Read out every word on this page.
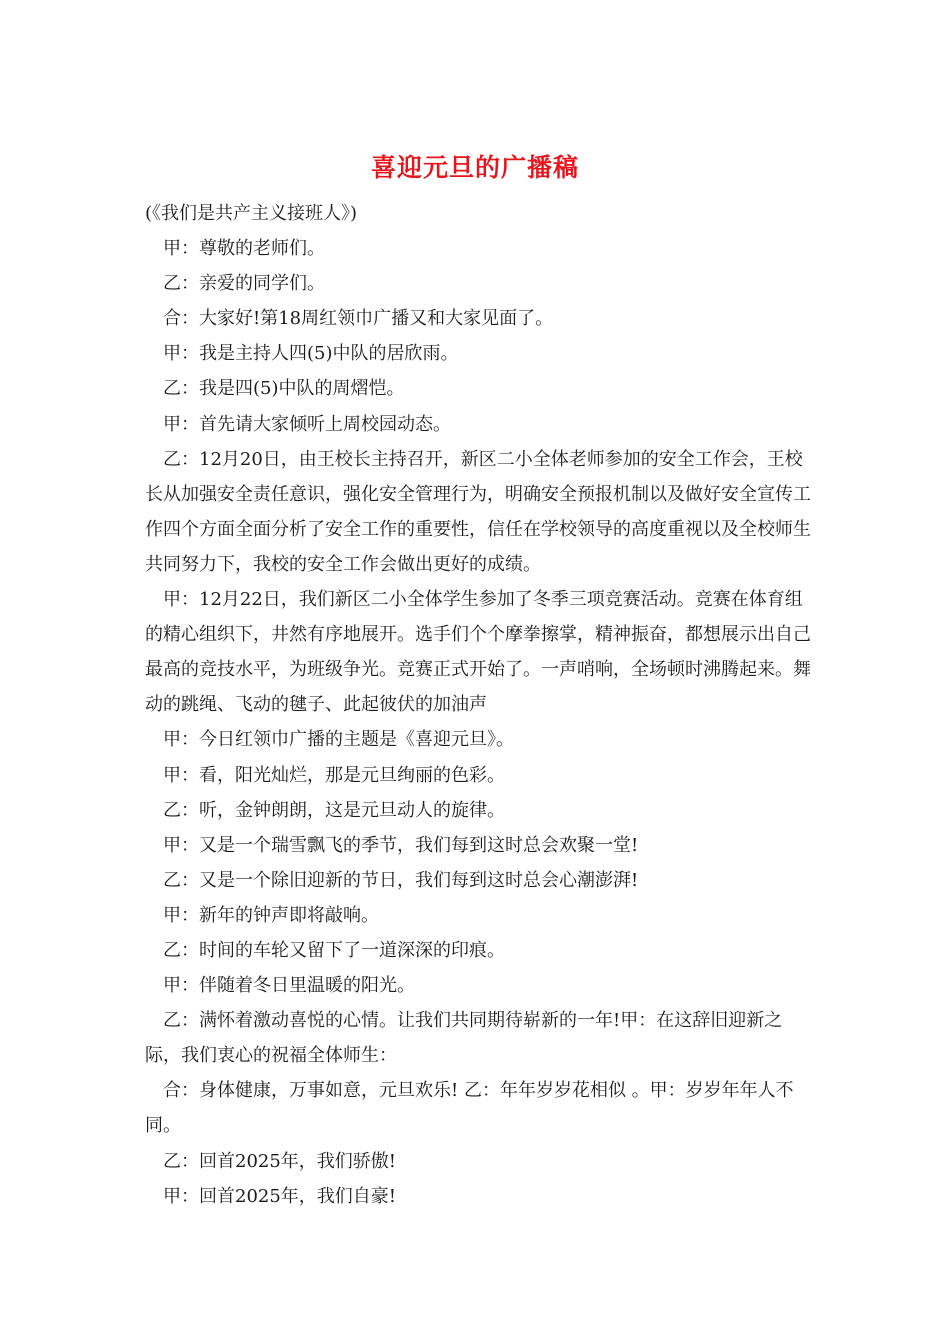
喜迎元旦的广播稿

(《我们是共产主义接班人》)

甲：尊敬的老师们。

乙：亲爱的同学们。

合：大家好!第18周红领巾广播又和大家见面了。

甲：我是主持人四(5)中队的居欣雨。

乙：我是四(5)中队的周熠恺。

甲：首先请大家倾听上周校园动态。

乙：12月20日，由王校长主持召开，新区二小全体老师参加的安全工作会，王校长从加强安全责任意识，强化安全管理行为，明确安全预报机制以及做好安全宣传工作四个方面全面分析了安全工作的重要性，信任在学校领导的高度重视以及全校师生共同努力下，我校的安全工作会做出更好的成绩。

甲：12月22日，我们新区二小全体学生参加了冬季三项竞赛活动。竞赛在体育组的精心组织下，井然有序地展开。选手们个个摩拳擦掌，精神振奋，都想展示出自己最高的竞技水平，为班级争光。竞赛正式开始了。一声哨响，全场顿时沸腾起来。舞动的跳绳、飞动的毽子、此起彼伏的加油声

甲：今日红领巾广播的主题是《喜迎元旦》。

甲：看，阳光灿烂，那是元旦绚丽的色彩。

乙：听，金钟朗朗，这是元旦动人的旋律。

甲：又是一个瑞雪飘飞的季节，我们每到这时总会欢聚一堂!

乙：又是一个除旧迎新的节日，我们每到这时总会心潮澎湃!

甲：新年的钟声即将敲响。

乙：时间的车轮又留下了一道深深的印痕。

甲：伴随着冬日里温暖的阳光。

乙：满怀着激动喜悦的心情。让我们共同期待崭新的一年!甲：在这辞旧迎新之际，我们衷心的祝福全体师生：

合：身体健康，万事如意，元旦欢乐! 乙：年年岁岁花相似 。甲：岁岁年年人不同。

乙：回首2025年，我们骄傲!

甲：回首2025年，我们自豪!
